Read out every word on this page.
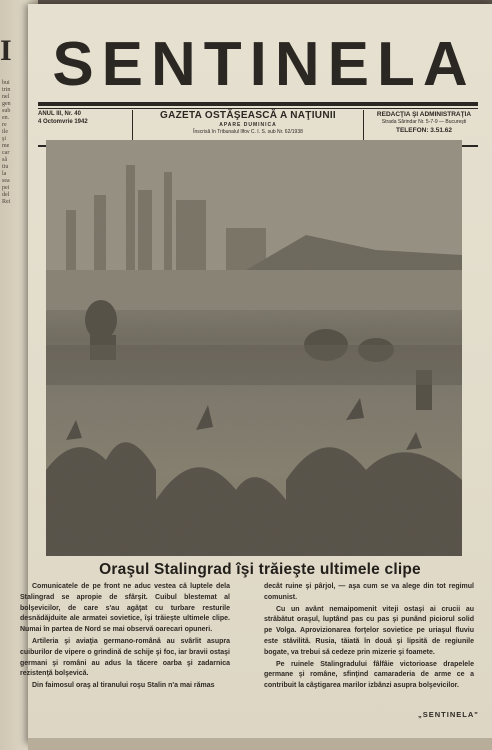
I
bui
trin
nel
gen
sub
en.
re
ile
şi
me
car
să
tiu
la
sea
pei
del
Rei
SENTINELA
ANUL III, Nr. 40
4 Octomvrie 1942
GAZETA OSTĂŞEASCĂ A NAŢIUNII
APARE DUMINICA
Înscrisă în Tribunalul Ilfov C. I. S. sub Nr. 62/1938
REDACŢIA ŞI ADMINISTRAŢIA
Strada Sărindar Nr. 5-7-9 — Bucureşti
TELEFON: 3.51.62
Oraşul Stalingrad îşi trăieşte ultimele clipe

Comunicatele de pe front ne aduc vestea că luptele dela Stalingrad se apropie de sfârşit. Cuibul blestemat al bolşevicilor, de care s'au agăţat cu turbare resturile desnădăjduite ale armatei sovietice, îşi trăieşte ultimele clipe. Numai în partea de Nord se mai observă oarecari opuneri.

Artileria şi aviaţia germano-română au svârlit asupra cuiburilor de vipere o grindină de schije şi foc, iar bravii ostaşi germani şi români au adus la tăcere oarba şi zadarnica rezistenţă bolşevică.

Din faimosul oraş al tiranului roşu Stalin n'a mai rămas

decât ruine şi pârjol, — aşa cum se va alege din tot regimul comunist.

Cu un avânt nemaipomenit viteji ostaşi ai crucii au străbătut oraşul, luptând pas cu pas şi punând piciorul solid pe Volga. Aprovizionarea forţelor sovietice pe uriaşul fluviu este stăvilită. Rusia, tăiată în două şi lipsită de regiunile bogate, va trebui să cedeze prin mizerie şi foamete.

Pe ruinele Stalingradului fâlfâie victorioase drapelele germane şi române, sfinţind camaraderia de arme ce a contribuit la câştigarea marilor izbânzi asupra bolşevicilor.

„SENTINELA"
